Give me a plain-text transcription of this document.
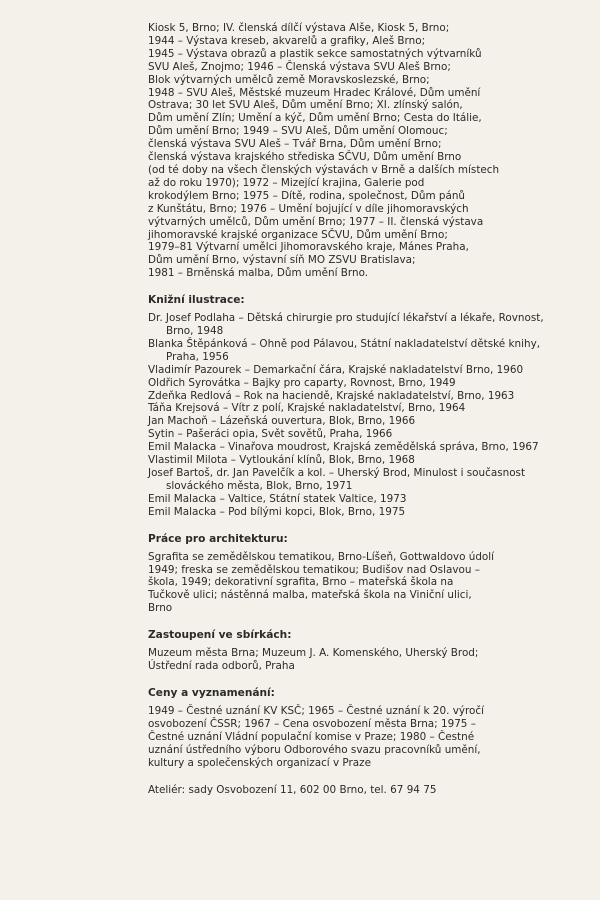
Kiosk 5, Brno; IV. členská dílčí výstava Alše, Kiosk 5, Brno;

1944 – Výstava kreseb, akvarelů a grafiky, Aleš Brno;

1945 – Výstava obrazů a plastik sekce samostatných výtvarníků

SVU Aleš, Znojmo; 1946 – Členská výstava SVU Aleš Brno;

Blok výtvarných umělců země Moravskoslezské, Brno;

1948 – SVU Aleš, Městské muzeum Hradec Králové, Dům umění

Ostrava; 30 let SVU Aleš, Dům umění Brno; XI. zlínský salón,

Dům umění Zlín; Umění a kýč, Dům umění Brno; Cesta do Itálie,

Dům umění Brno; 1949 – SVU Aleš, Dům umění Olomouc;

členská výstava SVU Aleš – Tvář Brna, Dům umění Brno;

členská výstava krajského střediska SČVU, Dům umění Brno

(od té doby na všech členských výstavách v Brně a dalších místech

až do roku 1970); 1972 – Mizející krajina, Galerie pod

krokodýlem Brno; 1975 – Dítě, rodina, společnost, Dům pánů

z Kunštátu, Brno; 1976 – Umění bojující v díle jihomoravských

výtvarných umělců, Dům umění Brno; 1977 – II. členská výstava

jihomoravské krajské organizace SČVU, Dům umění Brno;

1979–81 Výtvarní umělci Jihomoravského kraje, Mánes Praha,

Dům umění Brno, výstavní síň MO ZSVU Bratislava;

1981 – Brněnská malba, Dům umění Brno.

Knižní ilustrace:

Dr. Josef Podlaha – Dětská chirurgie pro studující lékařství a lékaře, Rovnost, Brno, 1948

Blanka Štěpánková – Ohně pod Pálavou, Státní nakladatelství dětské knihy, Praha, 1956

Vladimír Pazourek – Demarkační čára, Krajské nakladatelství Brno, 1960

Oldřich Syrovátka – Bajky pro caparty, Rovnost, Brno, 1949

Zdeňka Redlová – Rok na haciendě, Krajské nakladatelství, Brno, 1963

Táňa Krejsová – Vítr z polí, Krajské nakladatelství, Brno, 1964

Jan Machoň – Lázeňská ouvertura, Blok, Brno, 1966

Sytin – Pašeráci opia, Svět sovětů, Praha, 1966

Emil Malacka – Vinařova moudrost, Krajská zemědělská správa, Brno, 1967

Vlastimil Milota – Vytloukání klínů, Blok, Brno, 1968

Josef Bartoš, dr. Jan Pavelčík a kol. – Uherský Brod, Minulost i současnost slováckého města, Blok, Brno, 1971

Emil Malacka – Valtice, Státní statek Valtice, 1973

Emil Malacka – Pod bílými kopci, Blok, Brno, 1975

Práce pro architekturu:

Sgrafita se zemědělskou tematikou, Brno-Líšeň, Gottwaldovo údolí

1949; freska se zemědělskou tematikou; Budišov nad Oslavou –

škola, 1949; dekorativní sgrafita, Brno – mateřská škola na

Tučkově ulici; nástěnná malba, mateřská škola na Viniční ulici,

Brno

Zastoupení ve sbírkách:

Muzeum města Brna; Muzeum J. A. Komenského, Uherský Brod;

Ústřední rada odborů, Praha

Ceny a vyznamenání:

1949 – Čestné uznání KV KSČ; 1965 – Čestné uznání k 20. výročí

osvobození ČSSR; 1967 – Cena osvobození města Brna; 1975 –

Čestné uznání Vládní populační komise v Praze; 1980 – Čestné

uznání ústředního výboru Odborového svazu pracovníků umění,

kultury a společenských organizací v Praze

Ateliér: sady Osvobození 11, 602 00 Brno, tel. 67 94 75
